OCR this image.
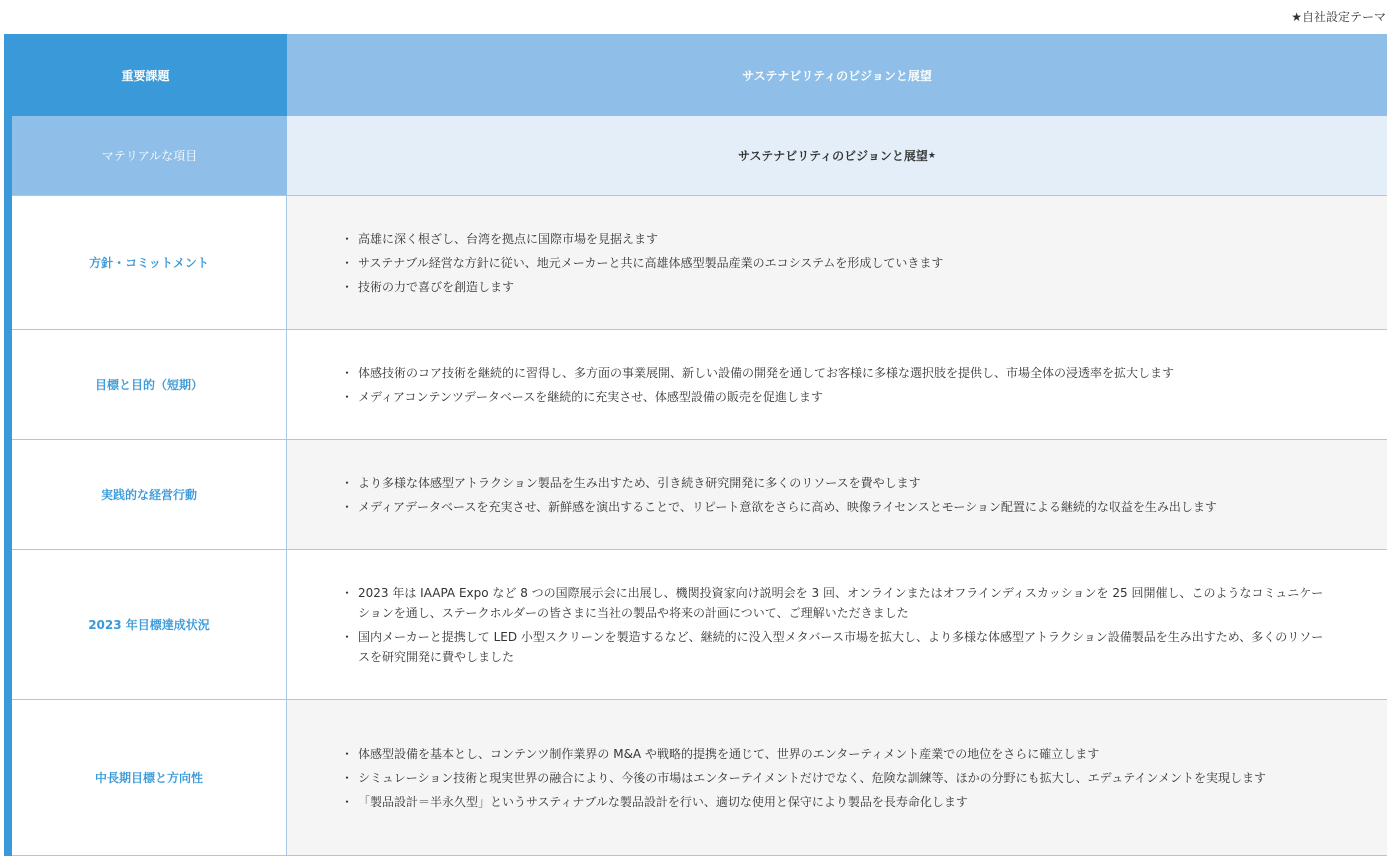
★自社設定テーマ
重要課題	サステナビリティのビジョンと展望
マテリアルな項目	サステナビリティのビジョンと展望 ★
方針・コミットメント
・ 高雄に深く根ざし、台湾を拠点に国際市場を見据えます
・ サステナブル経営な方針に従い、地元メーカーと共に高雄体感型製品産業のエコシステムを形成していきます
・ 技術の力で喜びを創造します
目標と目的（短期）
・ 体感技術のコア技術を継続的に習得し、多方面の事業展開、新しい設備の開発を通してお客様に多様な選択肢を提供し、市場全体の浸透率を拡大します
・ メディアコンテンツデータベースを継続的に充実させ、体感型設備の販売を促進します
実践的な経営行動
・ より多様な体感型アトラクション製品を生み出すため、引き続き研究開発に多くのリソースを費やします
・ メディアデータベースを充実させ、新鮮感を演出することで、リピート意欲をさらに高め、映像ライセンスとモーション配置による継続的な収益を生み出します
2023 年目標達成状況
・ 2023 年は IAAPA Expo など 8 つの国際展示会に出展し、機関投資家向け説明会を 3 回、オンラインまたはオフラインディスカッションを 25 回開催し、このようなコミュニケーションを通し、ステークホルダーの皆さまに当社の製品や将来の計画について、ご理解いただきました
・ 国内メーカーと提携して LED 小型スクリーンを製造するなど、継続的に没入型メタバース市場を拡大し、より多様な体感型アトラクション設備製品を生み出すため、多くのリソースを研究開発に費やしました
中長期目標と方向性
・ 体感型設備を基本とし、コンテンツ制作業界の M&A や戦略的提携を通じて、世界のエンターティメント産業での地位をさらに確立します
・ シミュレーション技術と現実世界の融合により、今後の市場はエンターテイメントだけでなく、危険な訓練等、ほかの分野にも拡大し、エデュテインメントを実現します
・ 「製品設計＝半永久型」というサスティナブルな製品設計を行い、適切な使用と保守により製品を長寿命化します
